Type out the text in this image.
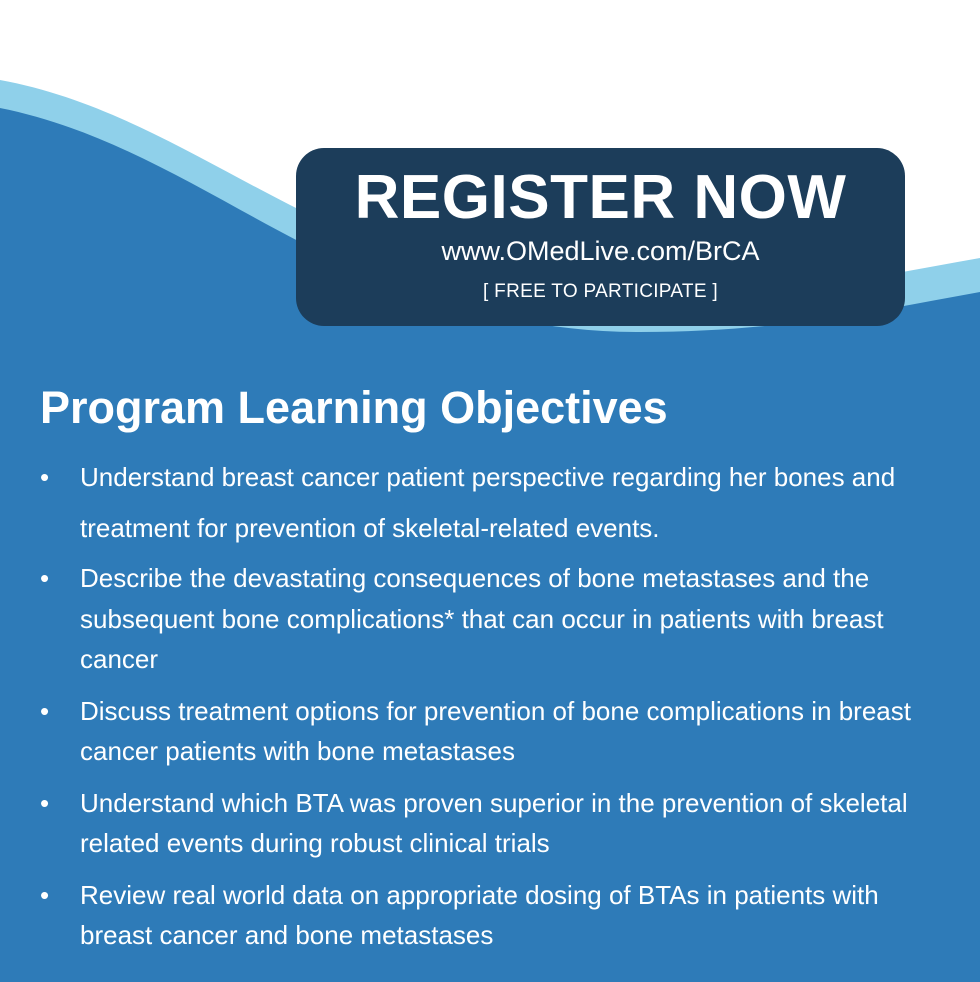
REGISTER NOW
www.OMedLive.com/BrCA
[ FREE TO PARTICIPATE ]
Program Learning Objectives
•	Understand breast cancer patient perspective regarding her bones and treatment for prevention of skeletal-related events.
•	Describe the devastating consequences of bone metastases and the subsequent bone complications* that can occur in patients with breast cancer
•	Discuss treatment options for prevention of bone complications in breast cancer patients with bone metastases
•	Understand which BTA was proven superior in the prevention of skeletal related events during robust clinical trials
•	Review real world data on appropriate dosing of BTAs in patients with breast cancer and bone metastases
